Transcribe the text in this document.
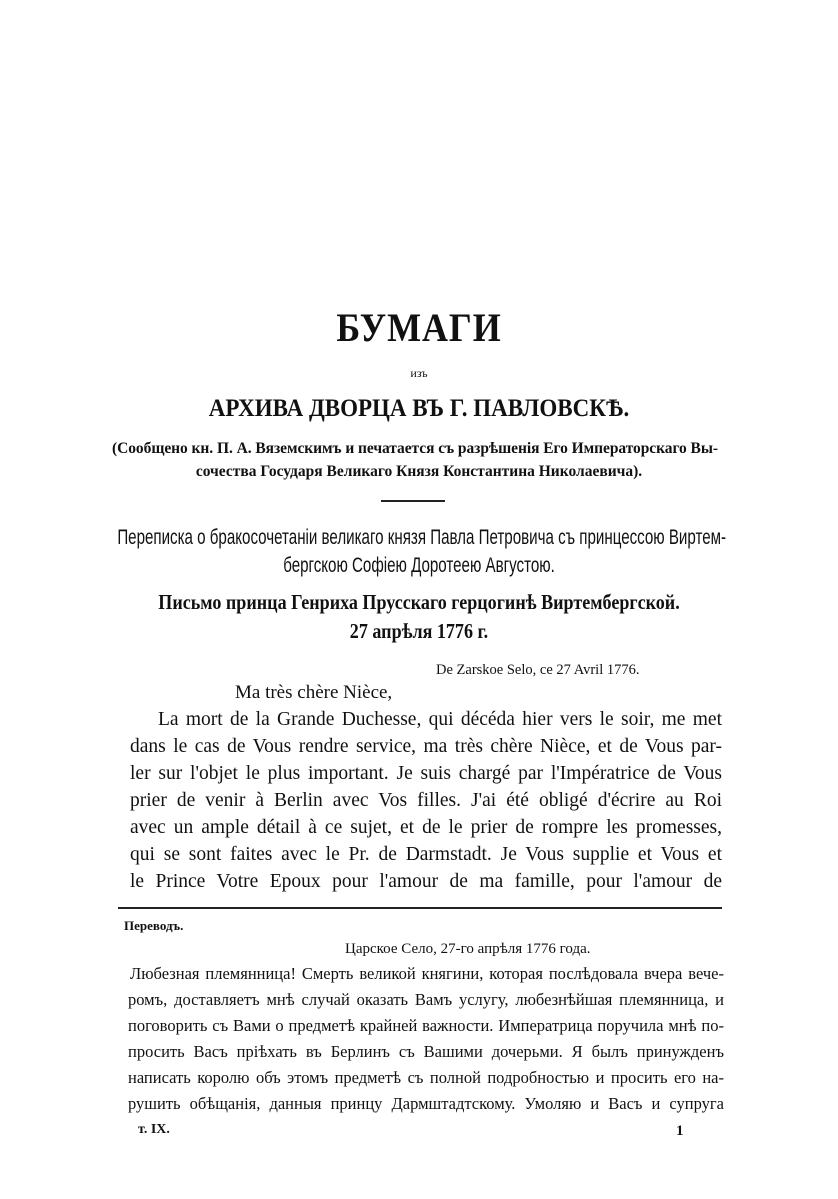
БУМАГИ
изъ
АРХИВА ДВОРЦА ВЪ Г. ПАВЛОВСКѢ.
(Сообщено кн. П. А. Вяземскимъ и печатается съ разрѣшенія Его Императорскаго Вы-
сочества Государя Великаго Князя Константина Николаевича).
Переписка о бракосочетаніи великаго князя Павла Петровича съ принцессою Виртем-
бергскою Софіею Доротеею Августою.
Письмо принца Генриха Прусскаго герцогинѣ Виртембергской.
27 апрѣля 1776 г.
De Zarskoe Selo, ce 27 Avril 1776.
Ma très chère Nièce,
La mort de la Grande Duchesse, qui décéda hier vers le soir, me met
dans le cas de Vous rendre service, ma très chère Nièce, et de Vous par-
ler sur l'objet le plus important. Je suis chargé par l'Impératrice de Vous
prier de venir à Berlin avec Vos filles. J'ai été obligé d'écrire au Roi
avec un ample détail à ce sujet, et de le prier de rompre les promesses,
qui se sont faites avec le Pr. de Darmstadt. Je Vous supplie et Vous et
le Prince Votre Epoux pour l'amour de ma famille, pour l'amour de
Переводъ.
Царское Село, 27-го апрѣля 1776 года.
Любезная племянница! Смерть великой княгини, которая послѣдовала вчера вече-
ромъ, доставляетъ мнѣ случай оказать Вамъ услугу, любезнѣйшая племянница, и
поговорить съ Вами о предметѣ крайней важности. Императрица поручила мнѣ по-
просить Васъ пріѣхать въ Берлинъ съ Вашими дочерьми. Я былъ принужденъ
написать королю объ этомъ предметѣ съ полной подробностью и просить его на-
рушить обѣщанія, данныя принцу Дармштадтскому. Умоляю и Васъ и супруга
т. IX.	1
